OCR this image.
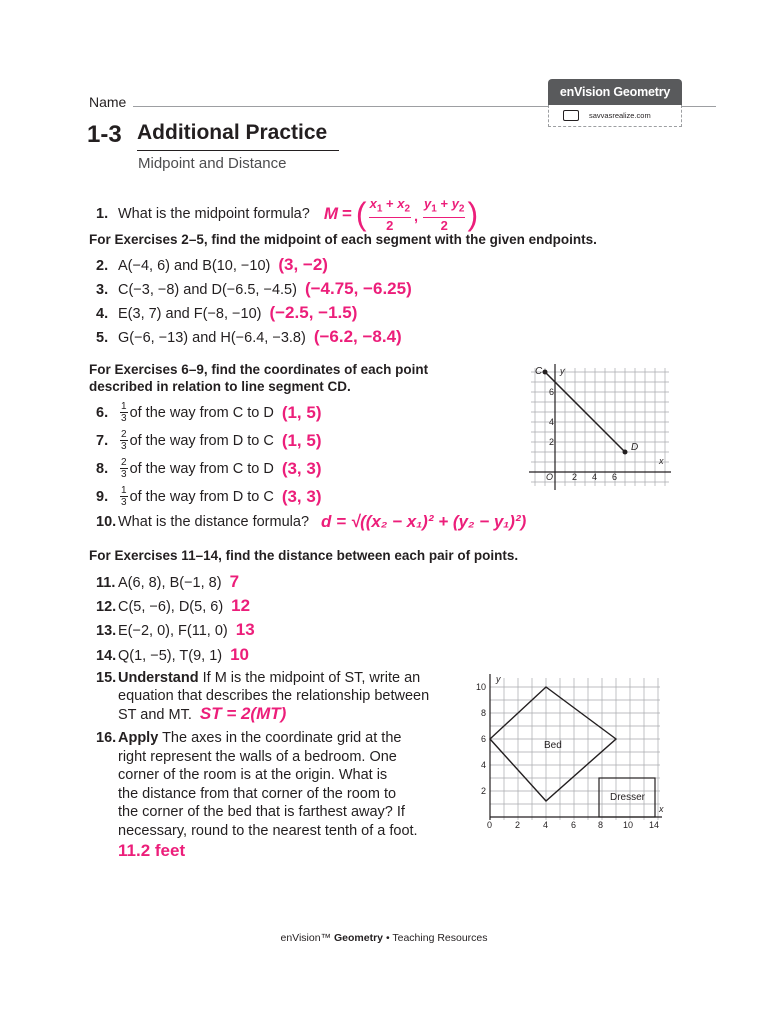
Name
enVision Geometry
savvasrealize.com
1-3 Additional Practice
Midpoint and Distance
1. What is the midpoint formula? M = ( $\frac{x_1 + x_2}{2}$ , $\frac{y_1 + y_2}{2}$ )
For Exercises 2–5, find the midpoint of each segment with the given endpoints.
2. A(−4, 6) and B(10, −10) (3, −2)
3. C(−3, −8) and D(−6.5, −4.5) (−4.75, −6.25)
4. E(3, 7) and F(−8, −10) (−2.5, −1.5)
5. G(−6, −13) and H(−6.4, −3.8) (−6.2, −8.4)
For Exercises 6–9, find the coordinates of each point
described in relation to line segment CD.
6.	$\frac{1}{3}$ of the way from C to D (1, 5)
7.	$\frac{2}{3}$ of the way from D to C (1, 5)
8.	$\frac{2}{3}$ of the way from C to D (3, 3)
9.	$\frac{1}{3}$ of the way from D to C (3, 3)
C
D
y
x
O 2 4 6
2
4
6
10. What is the distance formula? d = √((x₂ − x₁)² + (y₂ − y₁)²)
For Exercises 11–14, find the distance between each pair of points.
11. A(6, 8), B(−1, 8) 7
12. C(5, −6), D(5, 6) 12
13. E(−2, 0), F(11, 0) 13
14. Q(1, −5), T(9, 1) 10
15. Understand If M is the midpoint of ST, write an
equation that describes the relationship between
ST and MT. ST = 2(MT)
16. Apply The axes in the coordinate grid at the
right represent the walls of a bedroom. One
corner of the room is at the origin. What is
the distance from that corner of the room to
the corner of the bed that is farthest away? If
necessary, round to the nearest tenth of a foot.
11.2 feet
Bed
Dresser
y
x
0	2	4	6 8 10 14
2
4
6
8
10
enVision™ Geometry • Teaching Resources
